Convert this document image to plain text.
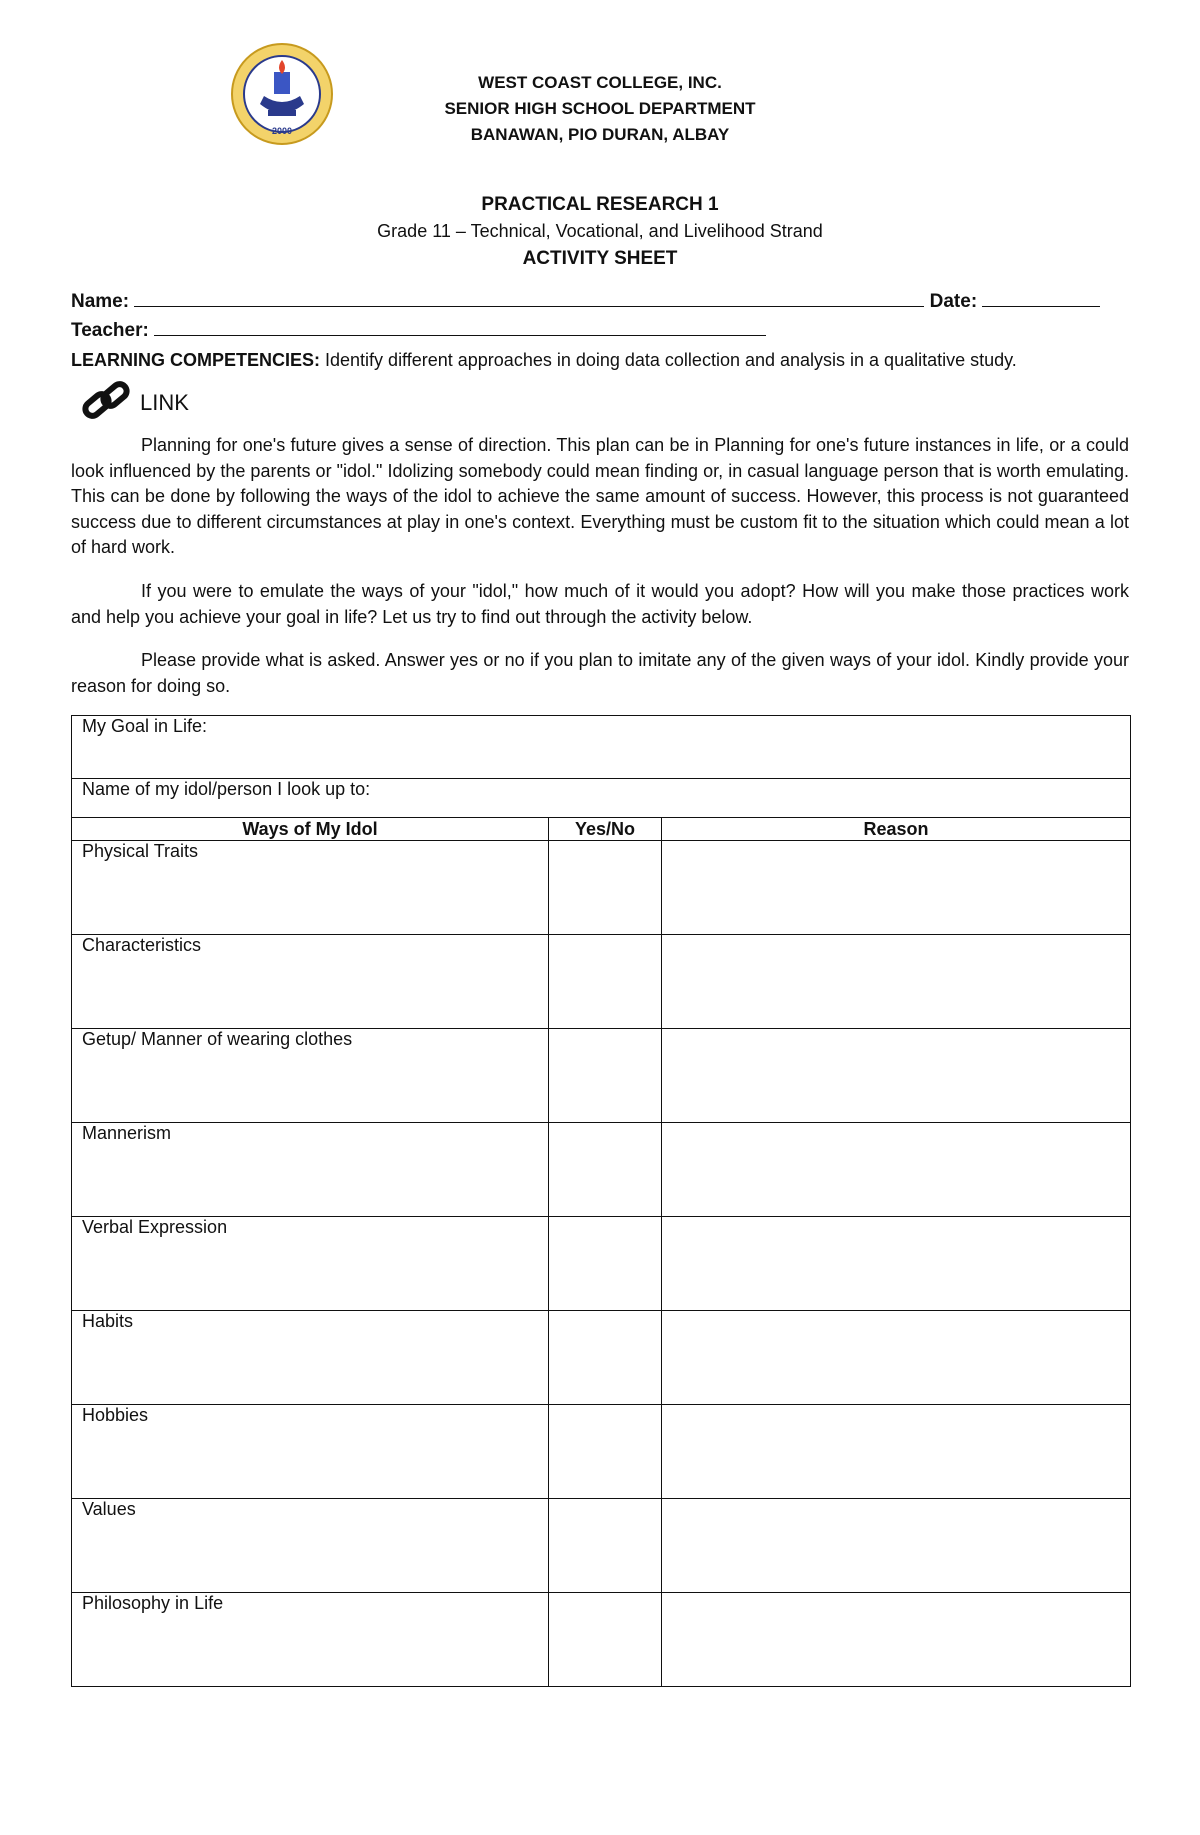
2000
WEST COAST COLLEGE, INC.
SENIOR HIGH SCHOOL DEPARTMENT
BANAWAN, PIO DURAN, ALBAY
PRACTICAL RESEARCH 1
Grade 11 – Technical, Vocational, and Livelihood Strand
ACTIVITY SHEET
Name:	Date:
Teacher:
LEARNING COMPETENCIES: Identify different approaches in doing data collection and analysis in a qualitative study.
LINK
Planning for one's future gives a sense of direction. This plan can be in Planning for one's future instances in life, or a could look influenced by the parents or "idol." Idolizing somebody could mean finding or, in casual language person that is worth emulating. This can be done by following the ways of the idol to achieve the same amount of success. However, this process is not guaranteed success due to different circumstances at play in one's context. Everything must be custom fit to the situation which could mean a lot of hard work.
If you were to emulate the ways of your "idol," how much of it would you adopt? How will you make those practices work and help you achieve your goal in life? Let us try to find out through the activity below.
Please provide what is asked. Answer yes or no if you plan to imitate any of the given ways of your idol. Kindly provide your reason for doing so.
My Goal in Life:		
Name of my idol/person I look up to:		
Ways of My Idol	Yes/No	Reason
Physical Traits		
Characteristics		
Getup/ Manner of wearing clothes		
Mannerism		
Verbal Expression		
Habits		
Hobbies		
Values		
Philosophy in Life		
